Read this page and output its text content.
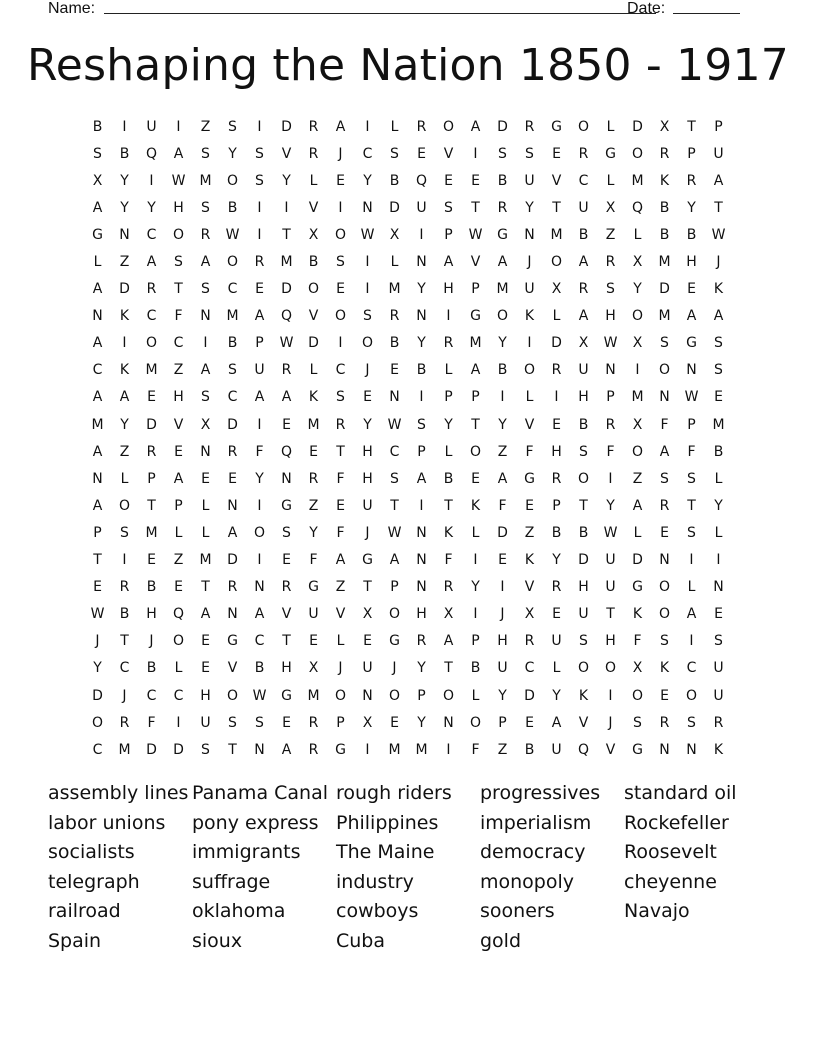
Name:	Date:
Reshaping the Nation 1850 - 1917
B	I	U	I	Z	S	I	D	R	A	I	L	R	O	A	D	R	G	O	L	D	X	T	P
S	B	Q	A	S	Y	S	V	R	J	C	S	E	V	I	S	S	E	R	G	O	R	P	U
X	Y	I	W	M	O	S	Y	L	E	Y	B	Q	E	E	B	U	V	C	L	M	K	R	A
A	Y	Y	H	S	B	I	I	V	I	N	D	U	S	T	R	Y	T	U	X	Q	B	Y	T
G	N	C	O	R	W	I	T	X	O	W	X	I	P	W	G	N	M	B	Z	L	B	B	W
L	Z	A	S	A	O	R	M	B	S	I	L	N	A	V	A	J	O	A	R	X	M	H	J
A	D	R	T	S	C	E	D	O	E	I	M	Y	H	P	M	U	X	R	S	Y	D	E	K
N	K	C	F	N	M	A	Q	V	O	S	R	N	I	G	O	K	L	A	H	O	M	A	A
A	I	O	C	I	B	P	W	D	I	O	B	Y	R	M	Y	I	D	X	W	X	S	G	S
C	K	M	Z	A	S	U	R	L	C	J	E	B	L	A	B	O	R	U	N	I	O	N	S
A	A	E	H	S	C	A	A	K	S	E	N	I	P	P	I	L	I	H	P	M	N	W	E
M	Y	D	V	X	D	I	E	M	R	Y	W	S	Y	T	Y	V	E	B	R	X	F	P	M
A	Z	R	E	N	R	F	Q	E	T	H	C	P	L	O	Z	F	H	S	F	O	A	F	B
N	L	P	A	E	E	Y	N	R	F	H	S	A	B	E	A	G	R	O	I	Z	S	S	L
A	O	T	P	L	N	I	G	Z	E	U	T	I	T	K	F	E	P	T	Y	A	R	T	Y
P	S	M	L	L	A	O	S	Y	F	J	W	N	K	L	D	Z	B	B	W	L	E	S	L
T	I	E	Z	M	D	I	E	F	A	G	A	N	F	I	E	K	Y	D	U	D	N	I	I
E	R	B	E	T	R	N	R	G	Z	T	P	N	R	Y	I	V	R	H	U	G	O	L	N
W	B	H	Q	A	N	A	V	U	V	X	O	H	X	I	J	X	E	U	T	K	O	A	E
J	T	J	O	E	G	C	T	E	L	E	G	R	A	P	H	R	U	S	H	F	S	I	S
Y	C	B	L	E	V	B	H	X	J	U	J	Y	T	B	U	C	L	O	O	X	K	C	U
D	J	C	C	H	O	W	G	M	O	N	O	P	O	L	Y	D	Y	K	I	O	E	O	U
O	R	F	I	U	S	S	E	R	P	X	E	Y	N	O	P	E	A	V	J	S	R	S	R
C	M	D	D	S	T	N	A	R	G	I	M	M	I	F	Z	B	U	Q	V	G	N	N	K
assembly lines
labor unions
socialists
telegraph
railroad
Spain
Panama Canal
pony express
immigrants
suffrage
oklahoma
sioux
rough riders
Philippines
The Maine
industry
cowboys
Cuba
progressives
imperialism
democracy
monopoly
sooners
gold
standard oil
Rockefeller
Roosevelt
cheyenne
Navajo
